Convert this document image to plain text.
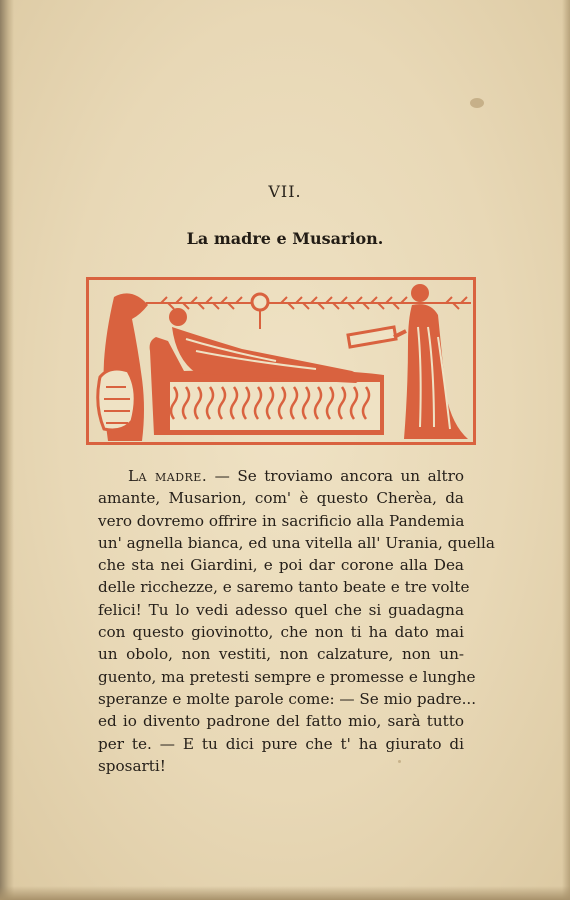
VII.
La madre e Musarion.
La madre. — Se troviamo ancora un altro
amante, Musarion, com' è questo Cherèa, da
vero dovremo offrire in sacrificio alla Pandemia
un' agnella bianca, ed una vitella all' Urania, quella
che sta nei Giardini, e poi dar corone alla Dea
delle ricchezze, e saremo tanto beate e tre volte
felici! Tu lo vedi adesso quel che si guadagna
con questo giovinotto, che non ti ha dato mai
un obolo, non vestiti, non calzature, non un-
guento, ma pretesti sempre e promesse e lunghe
speranze e molte parole come: — Se mio padre...
ed io divento padrone del fatto mio, sarà tutto
per te. — E tu dici pure che t' ha giurato di
sposarti!
